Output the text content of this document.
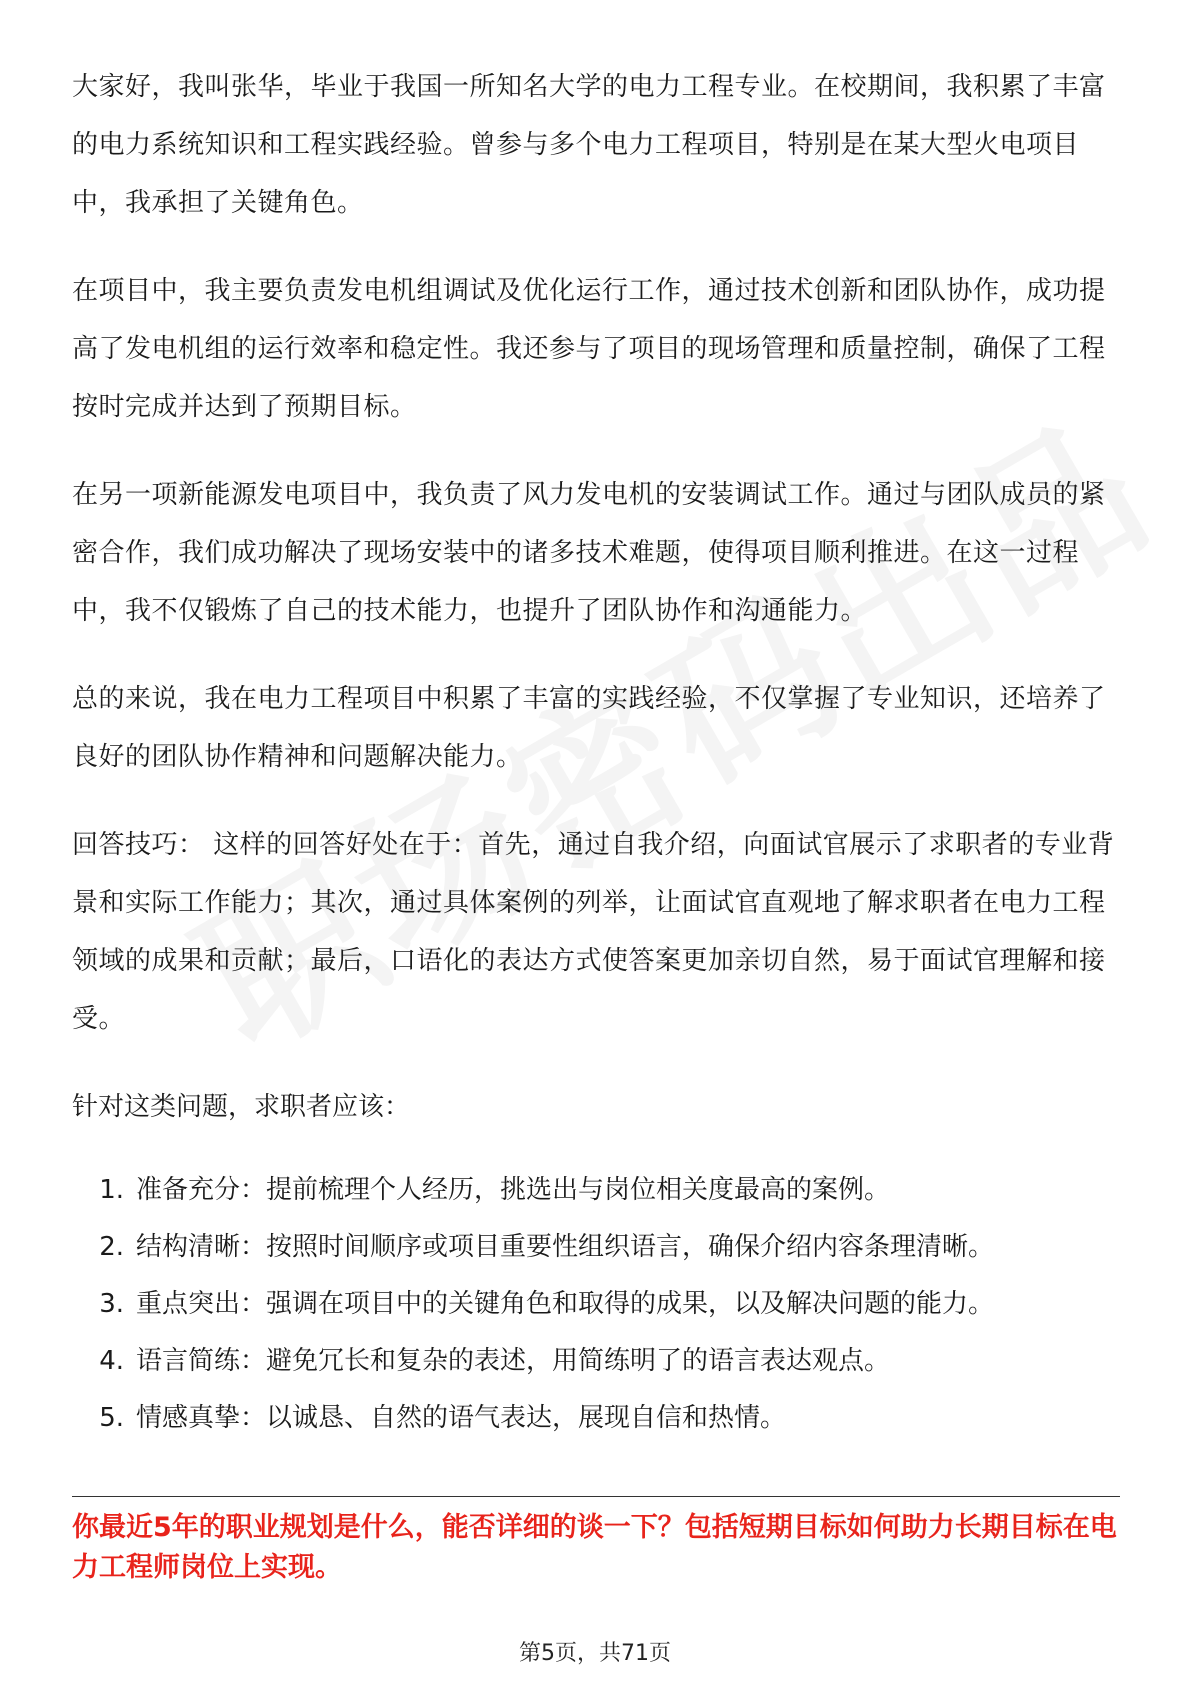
大家好，我叫张华，毕业于我国一所知名大学的电力工程专业。在校期间，我积累了丰富的电力系统知识和工程实践经验。曾参与多个电力工程项目，特别是在某大型火电项目中，我承担了关键角色。

在项目中，我主要负责发电机组调试及优化运行工作，通过技术创新和团队协作，成功提高了发电机组的运行效率和稳定性。我还参与了项目的现场管理和质量控制，确保了工程按时完成并达到了预期目标。

在另一项新能源发电项目中，我负责了风力发电机的安装调试工作。通过与团队成员的紧密合作，我们成功解决了现场安装中的诸多技术难题，使得项目顺利推进。在这一过程中，我不仅锻炼了自己的技术能力，也提升了团队协作和沟通能力。

总的来说，我在电力工程项目中积累了丰富的实践经验，不仅掌握了专业知识，还培养了良好的团队协作精神和问题解决能力。

回答技巧： 这样的回答好处在于：首先，通过自我介绍，向面试官展示了求职者的专业背景和实际工作能力；其次，通过具体案例的列举，让面试官直观地了解求职者在电力工程领域的成果和贡献；最后，口语化的表达方式使答案更加亲切自然，易于面试官理解和接受。

针对这类问题，求职者应该：

1. 准备充分：提前梳理个人经历，挑选出与岗位相关度最高的案例。
2. 结构清晰：按照时间顺序或项目重要性组织语言，确保介绍内容条理清晰。
3. 重点突出：强调在项目中的关键角色和取得的成果，以及解决问题的能力。
4. 语言简练：避免冗长和复杂的表述，用简练明了的语言表达观点。
5. 情感真挚：以诚恳、自然的语气表达，展现自信和热情。
你最近5年的职业规划是什么，能否详细的谈一下？包括短期目标如何助力长期目标在电力工程师岗位上实现。
第5页，共71页
